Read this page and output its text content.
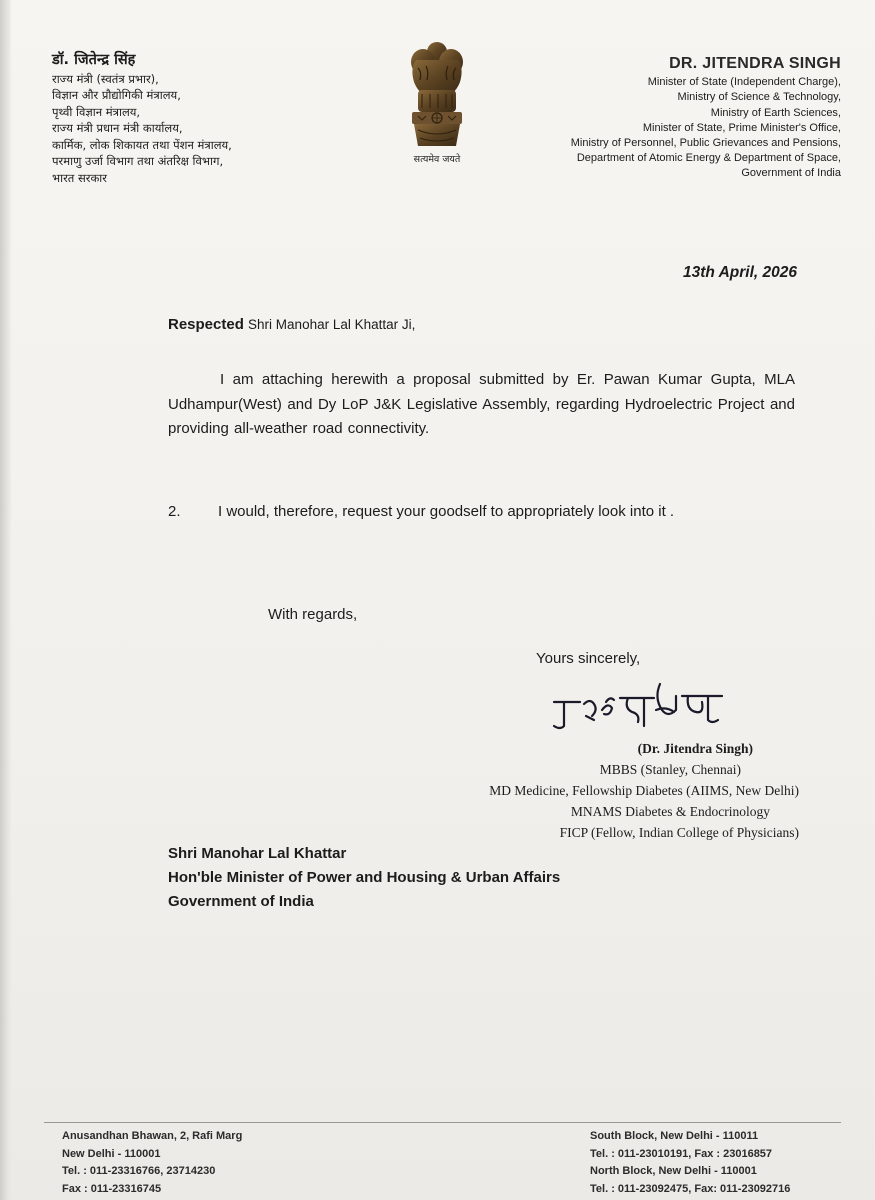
डॉ. जितेन्द्र सिंह
राज्य मंत्री (स्वतंत्र प्रभार),
विज्ञान और प्रौद्योगिकी मंत्रालय,
पृथ्वी विज्ञान मंत्रालय,
राज्य मंत्री प्रधान मंत्री कार्यालय,
कार्मिक, लोक शिकायत तथा पेंशन मंत्रालय,
परमाणु उर्जा विभाग तथा अंतरिक्ष विभाग,
भारत सरकार
सत्यमेव जयते
DR. JITENDRA SINGH
Minister of State (Independent Charge),
Ministry of Science & Technology,
Ministry of Earth Sciences,
Minister of State, Prime Minister's Office,
Ministry of Personnel, Public Grievances and Pensions,
Department of Atomic Energy & Department of Space,
Government of India
13th April, 2026
Respected Shri Manohar Lal Khattar Ji,
I am attaching herewith a proposal submitted by Er. Pawan Kumar Gupta, MLA Udhampur(West) and Dy LoP J&K Legislative Assembly, regarding Hydroelectric Project and providing all-weather road connectivity.
2. I would, therefore, request your goodself to appropriately look into it .
With regards,
Yours sincerely,
(Dr. Jitendra Singh)
MBBS (Stanley, Chennai)
MD Medicine, Fellowship Diabetes (AIIMS, New Delhi)
MNAMS Diabetes & Endocrinology
FICP (Fellow, Indian College of Physicians)
Shri Manohar Lal Khattar
Hon'ble Minister of Power and Housing & Urban Affairs
Government of India
Anusandhan Bhawan, 2, Rafi Marg
New Delhi - 110001
Tel. : 011-23316766, 23714230
Fax : 011-23316745
South Block, New Delhi - 110011
Tel. : 011-23010191, Fax : 23016857
North Block, New Delhi - 110001
Tel. : 011-23092475, Fax: 011-23092716
